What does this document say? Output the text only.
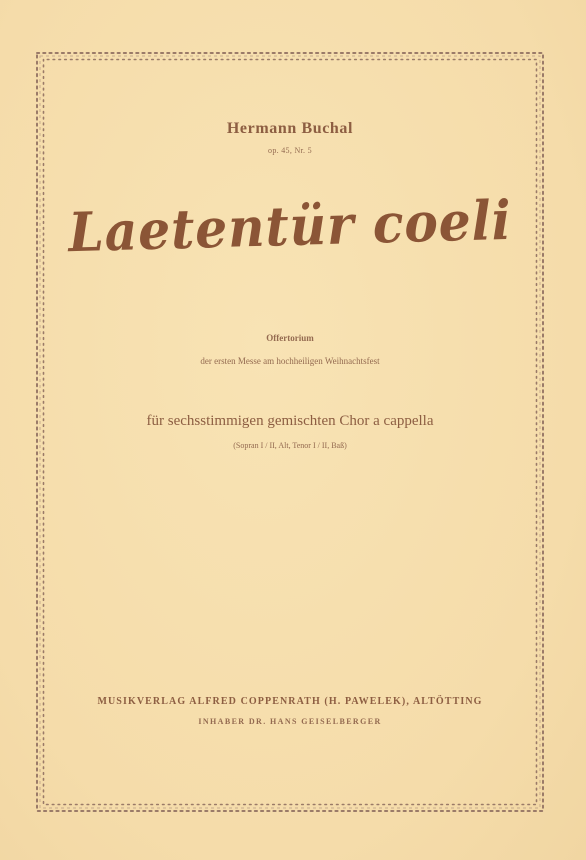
Hermann Buchal
op. 45, Nr. 5
Laetentür coeli
Offertorium
der ersten Messe am hochheiligen Weihnachtsfest
für sechsstimmigen gemischten Chor a cappella
(Sopran I / II, Alt, Tenor I / II, Baß)
MUSIKVERLAG ALFRED COPPENRATH (H. PAWELEK), ALTÖTTING
INHABER DR. HANS GEISELBERGER
